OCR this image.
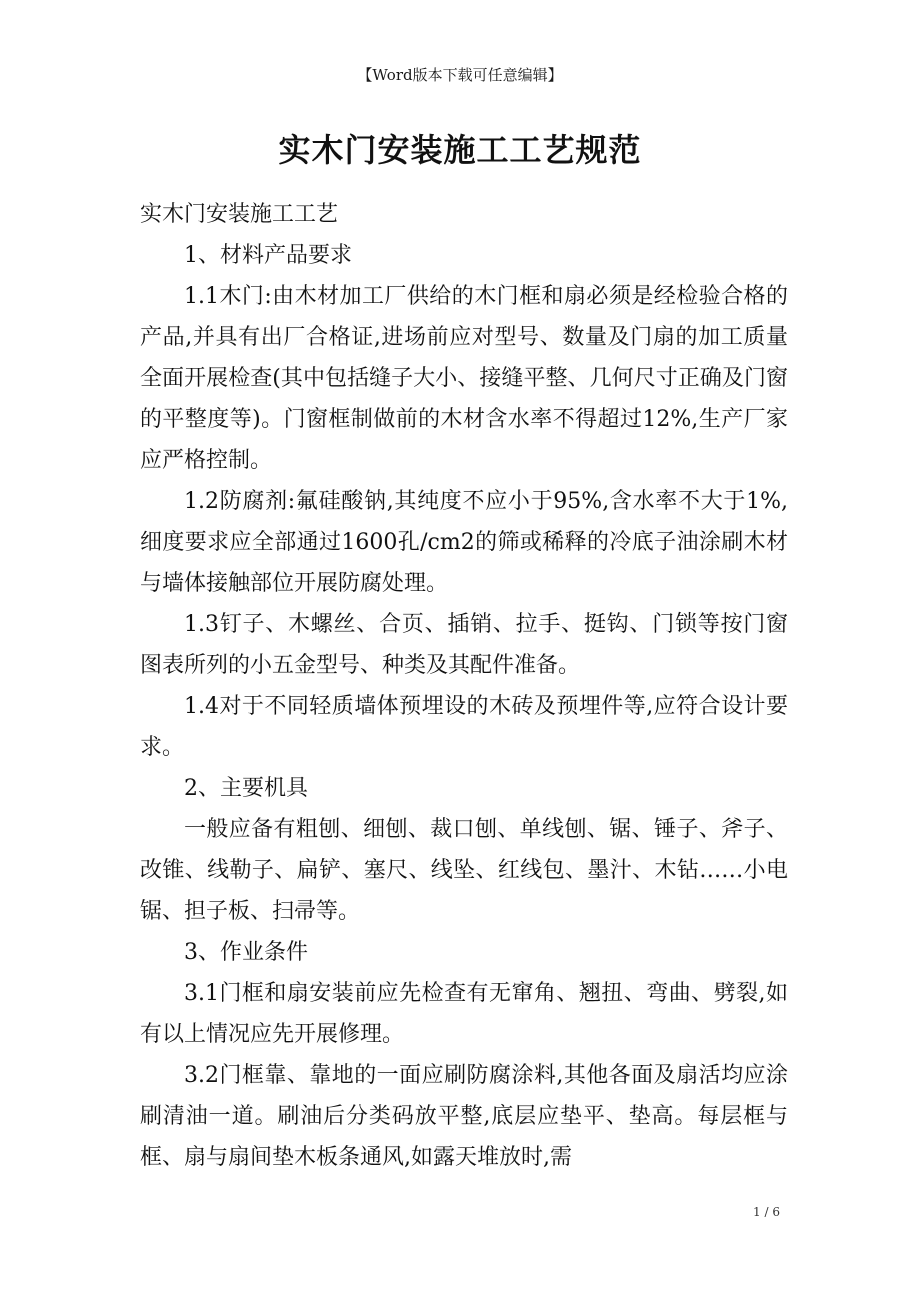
【Word版本下载可任意编辑】
实木门安装施工工艺规范

实木门安装施工工艺

1、材料产品要求

1.1木门:由木材加工厂供给的木门框和扇必须是经检验合格的产品,并具有出厂合格证,进场前应对型号、数量及门扇的加工质量全面开展检查(其中包括缝子大小、接缝平整、几何尺寸正确及门窗的平整度等)。门窗框制做前的木材含水率不得超过12%,生产厂家应严格控制。

1.2防腐剂:氟硅酸钠,其纯度不应小于95%,含水率不大于1%,细度要求应全部通过1600孔/cm2的筛或稀释的冷底子油涂刷木材与墙体接触部位开展防腐处理。

1.3钉子、木螺丝、合页、插销、拉手、挺钩、门锁等按门窗图表所列的小五金型号、种类及其配件准备。

1.4对于不同轻质墙体预埋设的木砖及预埋件等,应符合设计要求。

2、主要机具

一般应备有粗刨、细刨、裁口刨、单线刨、锯、锤子、斧子、改锥、线勒子、扁铲、塞尺、线坠、红线包、墨汁、木钻……小电锯、担子板、扫帚等。

3、作业条件

3.1门框和扇安装前应先检查有无窜角、翘扭、弯曲、劈裂,如有以上情况应先开展修理。

3.2门框靠、靠地的一面应刷防腐涂料,其他各面及扇活均应涂刷清油一道。刷油后分类码放平整,底层应垫平、垫高。每层框与框、扇与扇间垫木板条通风,如露天堆放时,需

1 / 6
